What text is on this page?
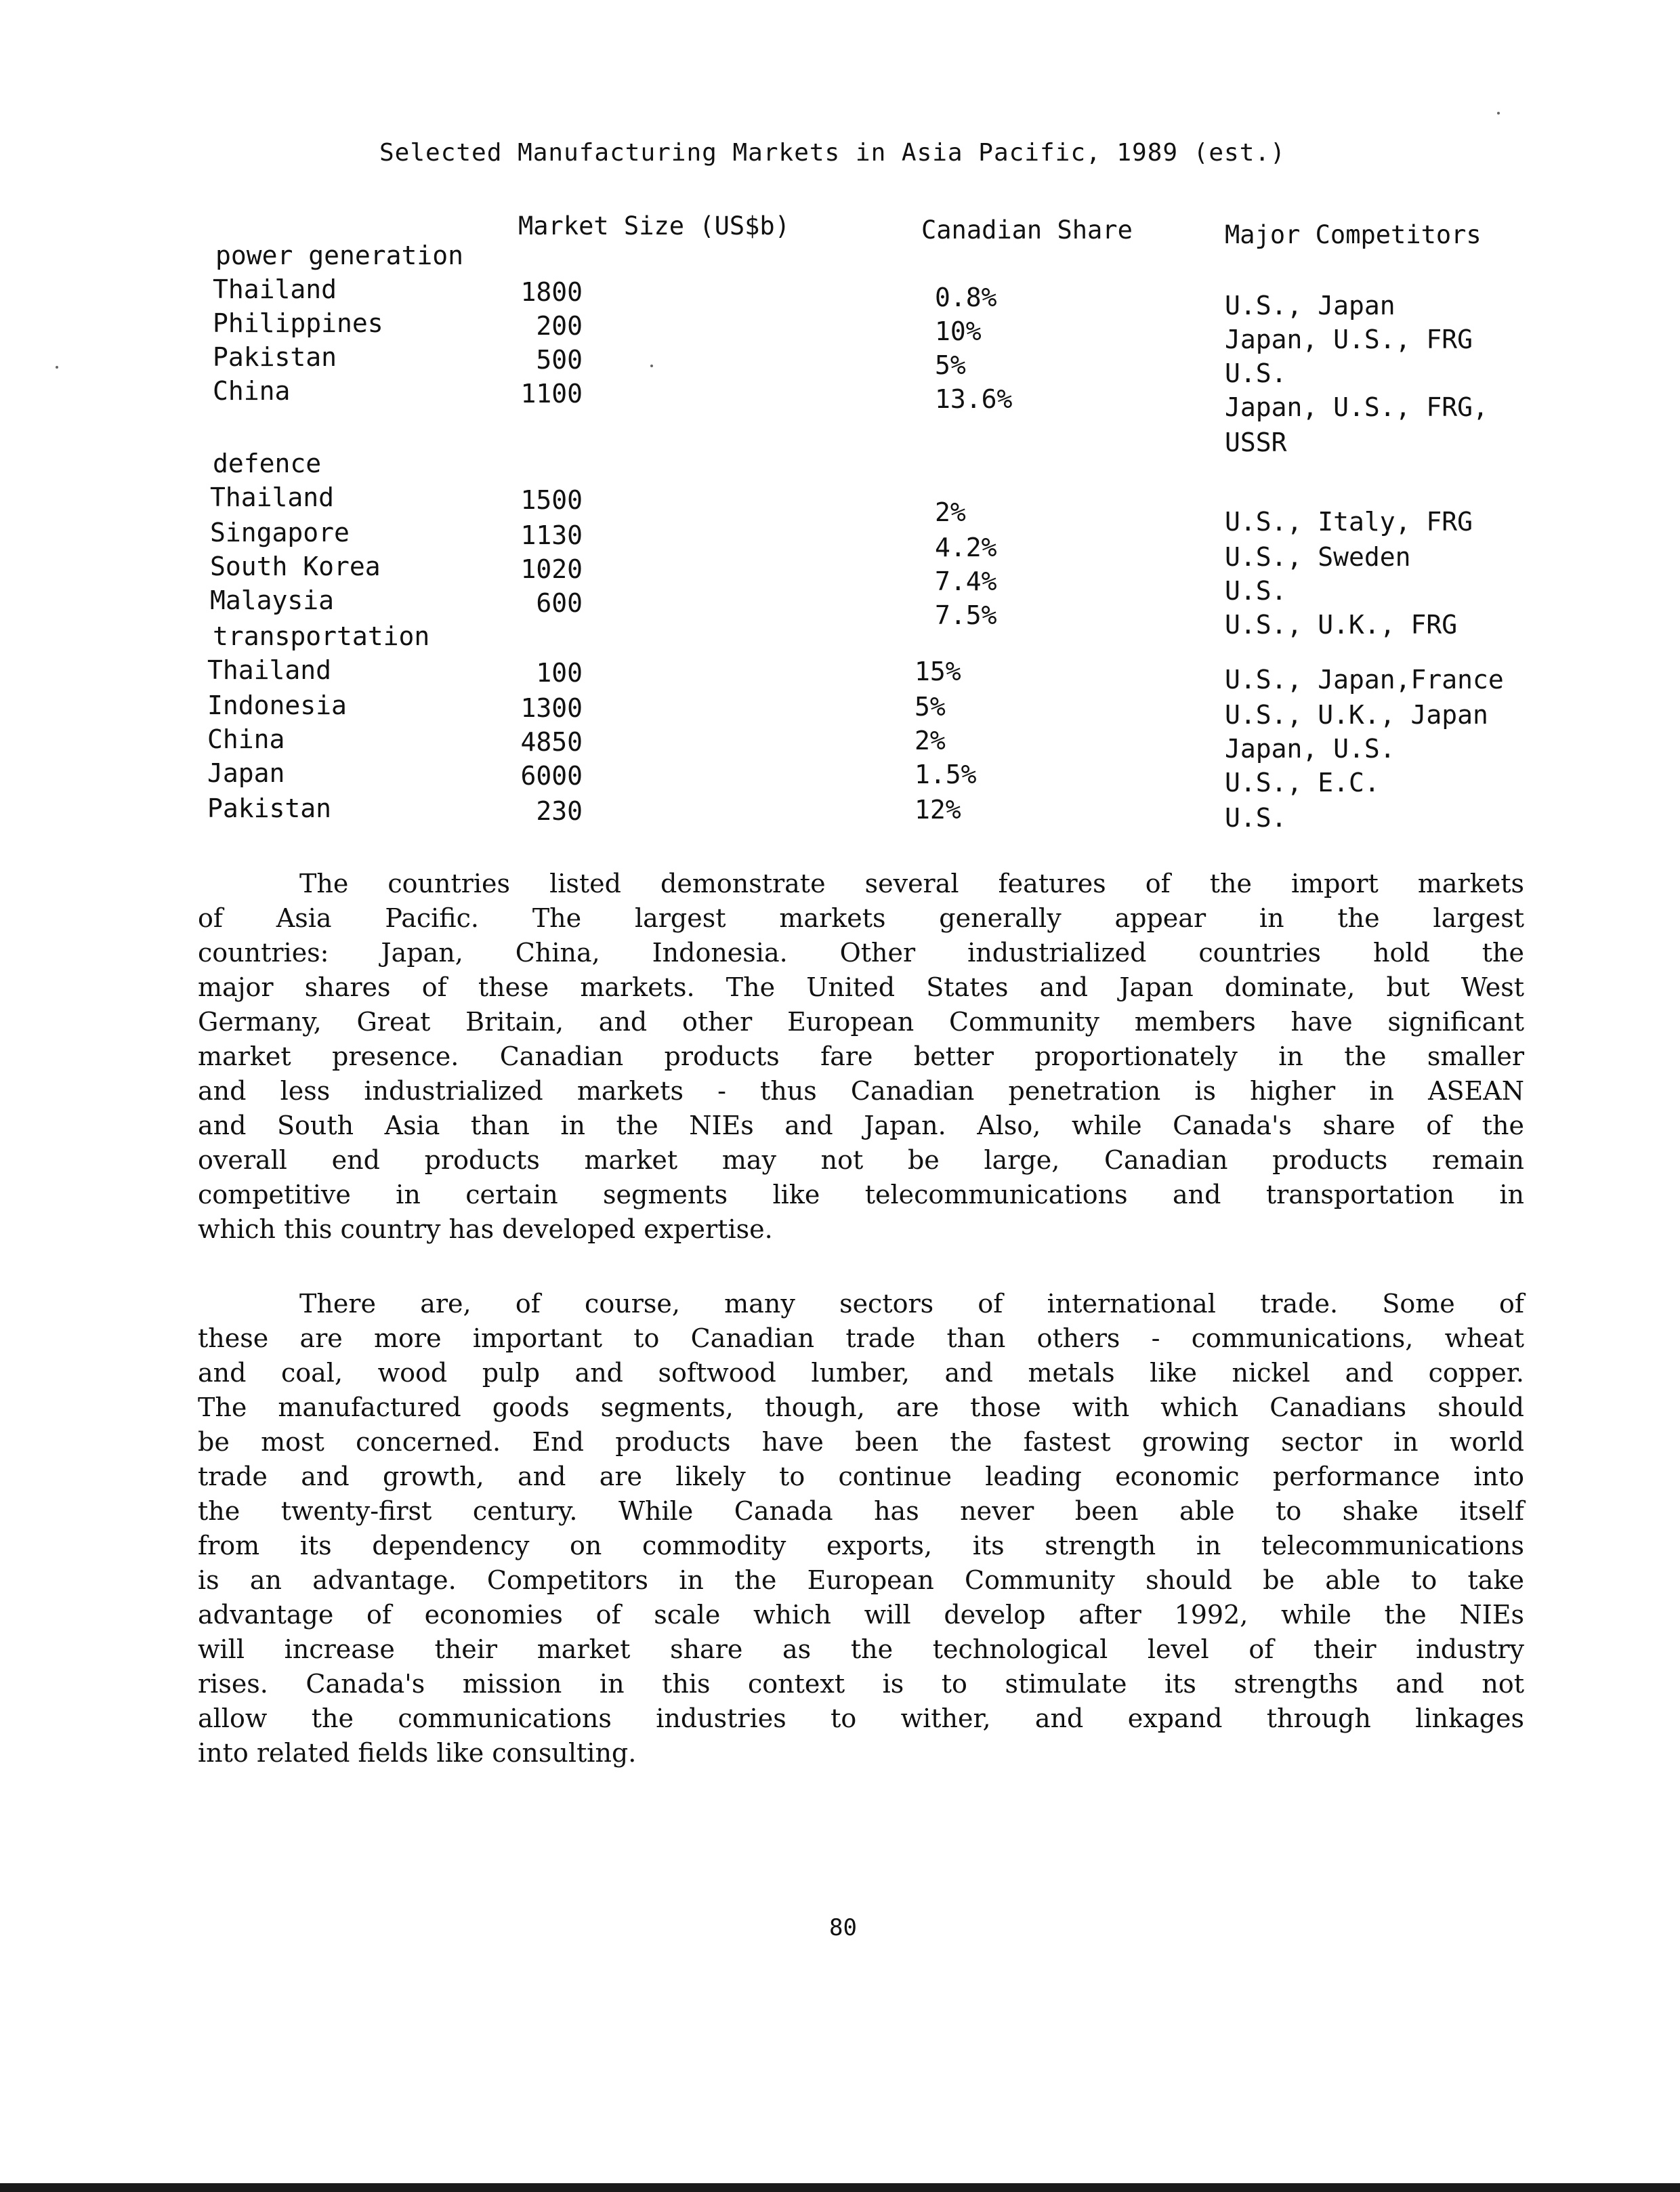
Selected Manufacturing Markets in Asia Pacific, 1989 (est.)
Market Size (US$b)	Canadian Share	Major Competitors
power generation
Thailand	1800	0.8%	U.S., Japan
Philippines	200	10%	Japan, U.S., FRG
Pakistan	500	5%	U.S.
China	1100	13.6%	Japan, U.S., FRG,
USSR
defence
Thailand	1500	2%	U.S., Italy, FRG
Singapore	1130	4.2%	U.S., Sweden
South Korea	1020	7.4%	U.S.
Malaysia	600	7.5%	U.S., U.K., FRG
transportation
Thailand	100	15%	U.S., Japan,France
Indonesia	1300	5%	U.S., U.K., Japan
China	4850	2%	Japan, U.S.
Japan	6000	1.5%	U.S., E.C.
Pakistan	230	12%	U.S.
The countries listed demonstrate several features of the import markets
of Asia Pacific. The largest markets generally appear in the largest
countries: Japan, China, Indonesia. Other industrialized countries hold the
major shares of these markets. The United States and Japan dominate, but West
Germany, Great Britain, and other European Community members have significant
market presence. Canadian products fare better proportionately in the smaller
and less industrialized markets - thus Canadian penetration is higher in ASEAN
and South Asia than in the NIEs and Japan. Also, while Canada's share of the
overall end products market may not be large, Canadian products remain
competitive in certain segments like telecommunications and transportation in
which this country has developed expertise.
There are, of course, many sectors of international trade. Some of
these are more important to Canadian trade than others - communications, wheat
and coal, wood pulp and softwood lumber, and metals like nickel and copper.
The manufactured goods segments, though, are those with which Canadians should
be most concerned. End products have been the fastest growing sector in world
trade and growth, and are likely to continue leading economic performance into
the twenty-first century. While Canada has never been able to shake itself
from its dependency on commodity exports, its strength in telecommunications
is an advantage. Competitors in the European Community should be able to take
advantage of economies of scale which will develop after 1992, while the NIEs
will increase their market share as the technological level of their industry
rises. Canada's mission in this context is to stimulate its strengths and not
allow the communications industries to wither, and expand through linkages
into related fields like consulting.
80
